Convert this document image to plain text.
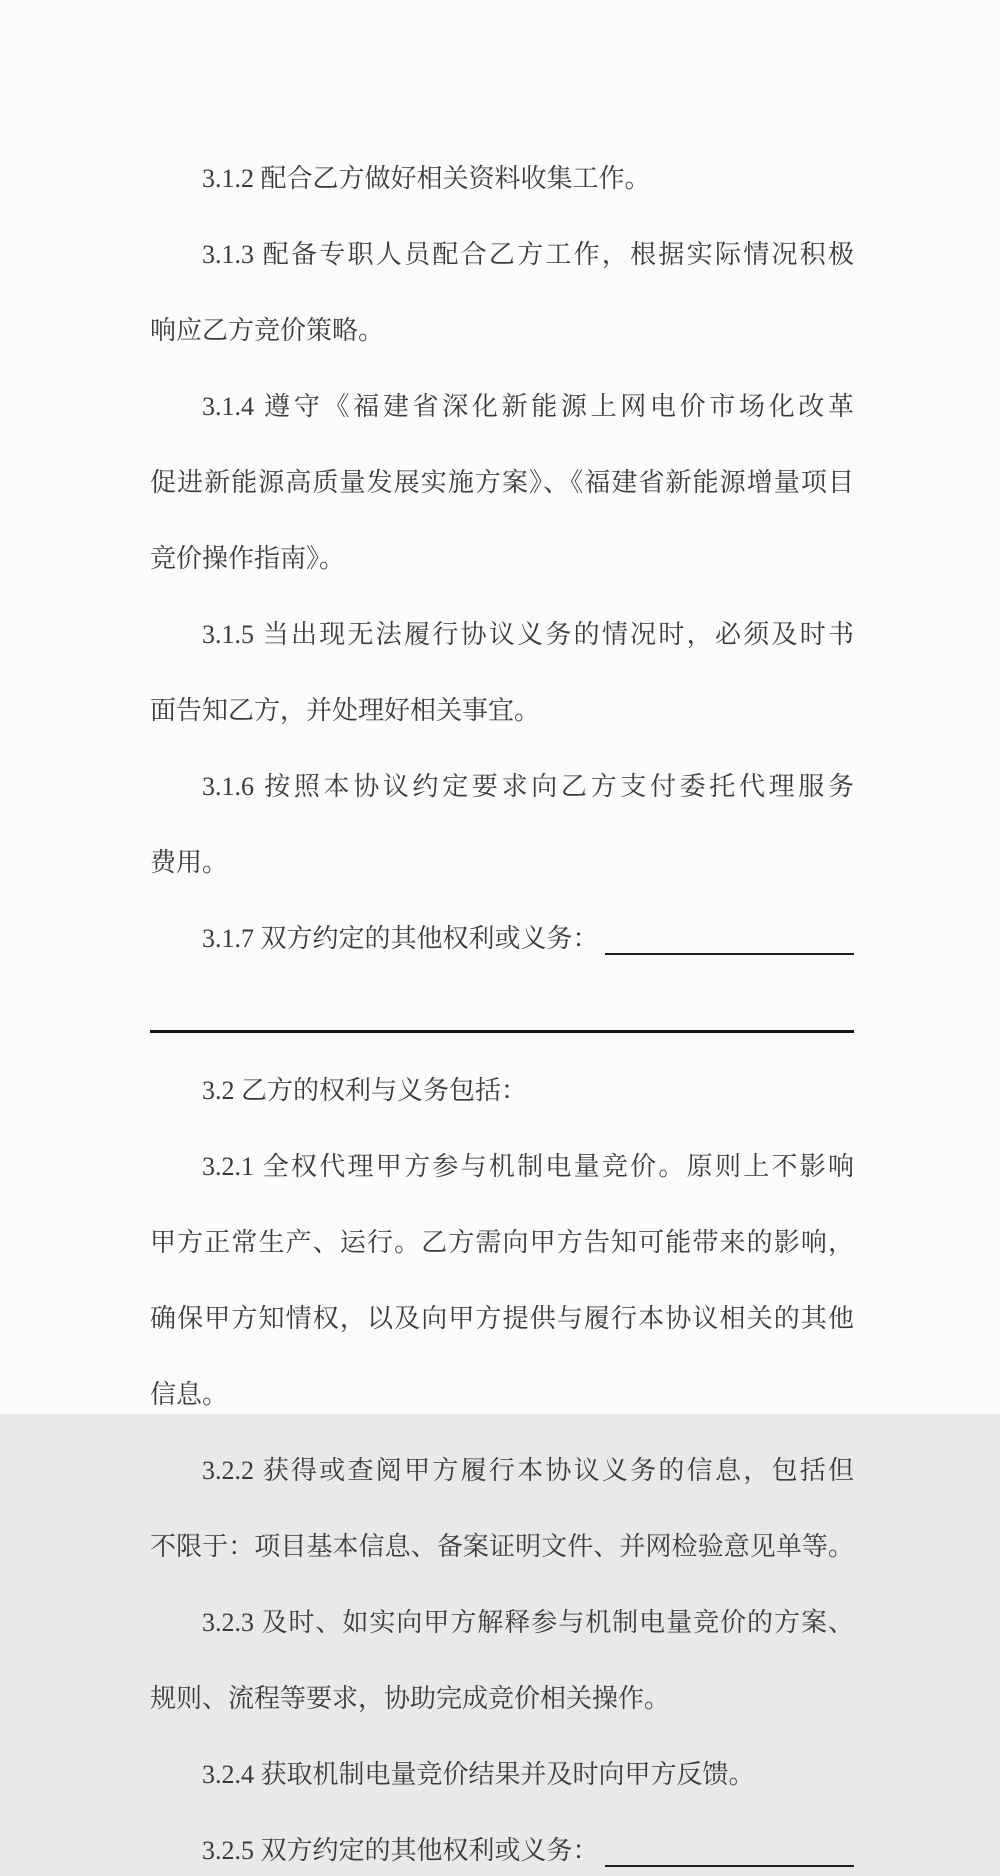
3.1.2 配合乙方做好相关资料收集工作。

3.1.3 配备专职人员配合乙方工作，根据实际情况积极

响应乙方竞价策略。

3.1.4 遵守《福建省深化新能源上网电价市场化改革

促进新能源高质量发展实施方案》、《福建省新能源增量项目

竞价操作指南》。

3.1.5 当出现无法履行协议义务的情况时，必须及时书

面告知乙方，并处理好相关事宜。

3.1.6 按照本协议约定要求向乙方支付委托代理服务

费用。

3.1.7 双方约定的其他权利或义务：

3.2 乙方的权利与义务包括：

3.2.1 全权代理甲方参与机制电量竞价。原则上不影响

甲方正常生产、运行。乙方需向甲方告知可能带来的影响，

确保甲方知情权，以及向甲方提供与履行本协议相关的其他

信息。

3.2.2 获得或查阅甲方履行本协议义务的信息，包括但

不限于：项目基本信息、备案证明文件、并网检验意见单等。

3.2.3 及时、如实向甲方解释参与机制电量竞价的方案、

规则、流程等要求，协助完成竞价相关操作。

3.2.4 获取机制电量竞价结果并及时向甲方反馈。

3.2.5 双方约定的其他权利或义务：
